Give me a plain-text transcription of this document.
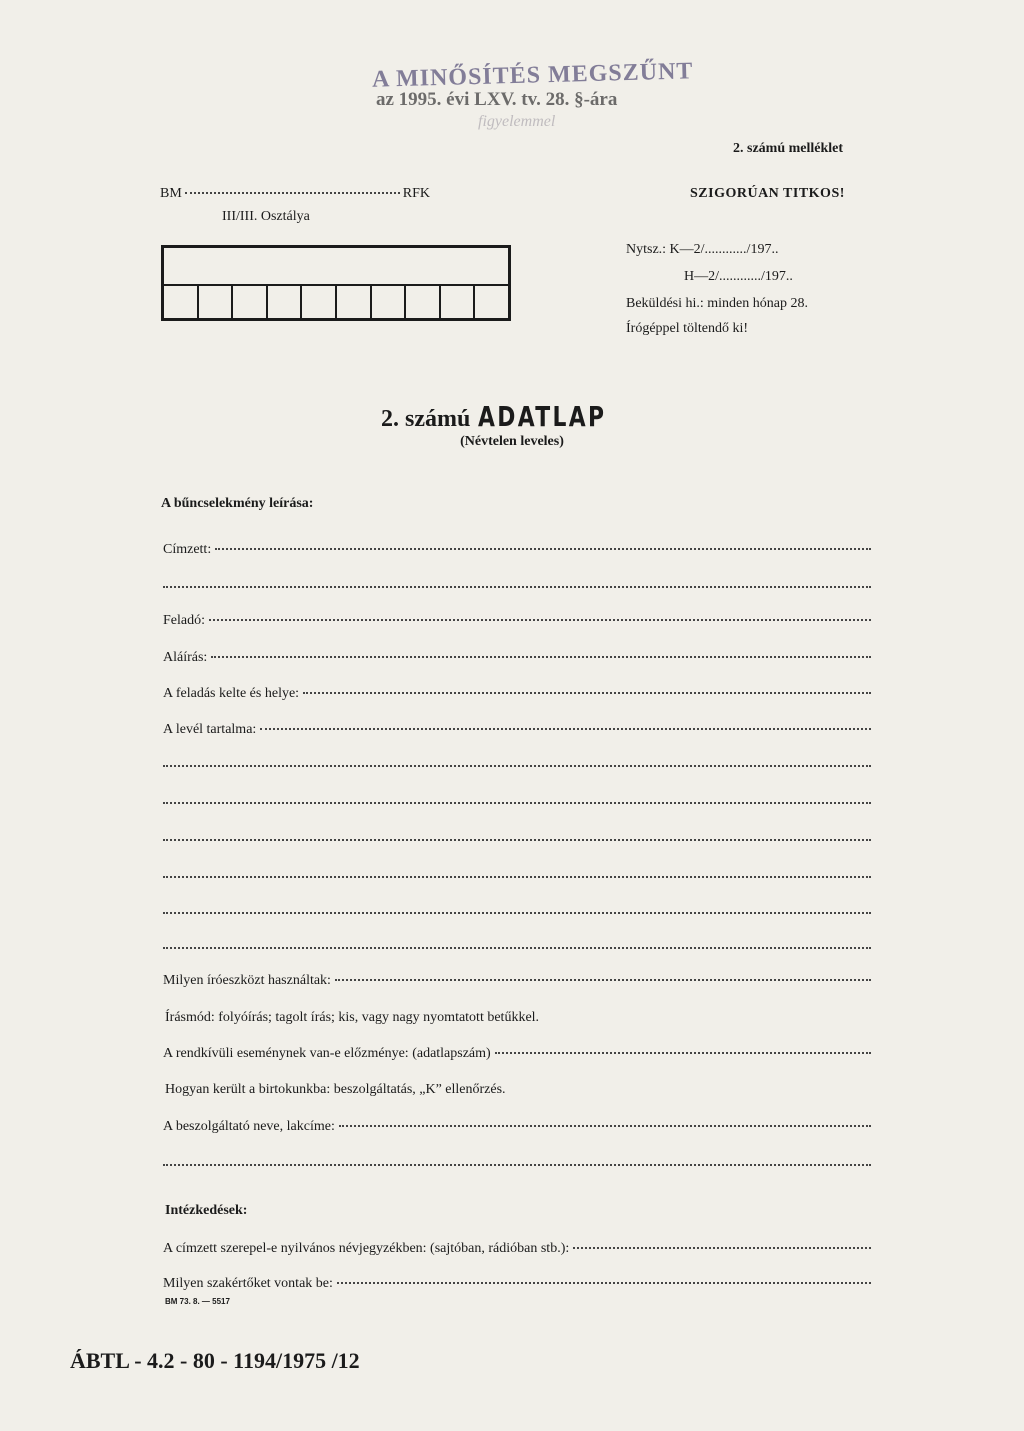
A MINŐSÍTÉS MEGSZŰNT
az 1995. évi LXV. tv. 28. §-ára
figyelemmel
2. számú melléklet
SZIGORÚAN TITKOS!
BM	RFK
III/III. Osztálya
Nytsz.: K—2/............/197..
H—2/............/197..
Beküldési hi.: minden hónap 28.
Írógéppel töltendő ki!
2. számú ADATLAP
(Névtelen leveles)
A bűncselekmény leírása:
Címzett:
Feladó:
Aláírás:
A feladás kelte és helye:
A levél tartalma:
Milyen íróeszközt használtak:
Írásmód: folyóírás; tagolt írás; kis, vagy nagy nyomtatott betűkkel.
A rendkívüli eseménynek van-e előzménye: (adatlapszám)
Hogyan került a birtokunkba: beszolgáltatás, „K” ellenőrzés.
A beszolgáltató neve, lakcíme:
Intézkedések:
A címzett szerepel-e nyilvános névjegyzékben: (sajtóban, rádióban stb.):
Milyen szakértőket vontak be:
BM 73. 8. — 5517
ÁBTL - 4.2 - 80 - 1194/1975 /12
